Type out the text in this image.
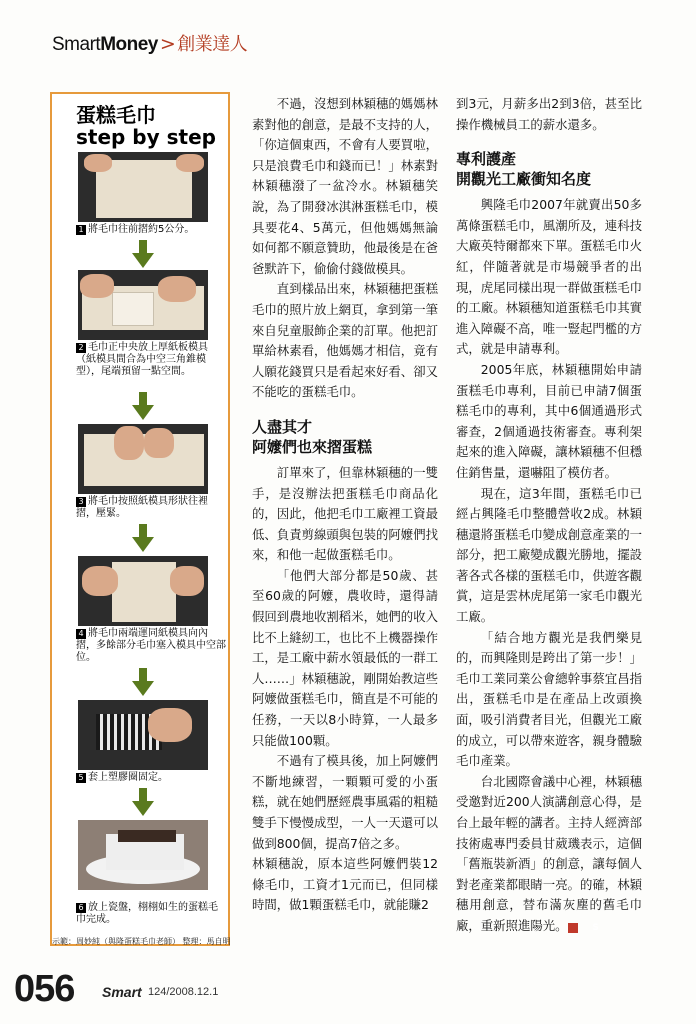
SmartMoney > 創業達人
蛋糕毛巾
step by step
1 將毛巾往前摺約5公分。
2 毛巾正中央放上厚紙板模具（紙模具間合為中空三角錐模型），尾端預留一點空間。
3 將毛巾按照紙模具形狀往裡摺，壓緊。
4 將毛巾兩端運同紙模具向內摺，多餘部分毛巾塞入模具中空部位。
5 套上塑膠圈固定。
6 放上瓷盤，栩栩如生的蛋糕毛巾完成。
示範：周妙純（與隆蛋糕毛巾老師） 整理：馬自明

不過，沒想到林穎穗的媽媽林素對他的創意，是最不支持的人，「你這個東西，不會有人要買啦，只是浪費毛巾和錢而已！」林素對林穎穗潑了一盆冷水。林穎穗笑說，為了開發冰淇淋蛋糕毛巾，模具要花4、5萬元，但他媽媽無論如何都不願意贊助，他最後是在爸爸默許下，偷偷付錢做模具。

直到樣品出來，林穎穗把蛋糕毛巾的照片放上網頁，拿到第一筆來自兒童服飾企業的訂單。他把訂單給林素看，他媽媽才相信，竟有人願花錢買只是看起來好看、卻又不能吃的蛋糕毛巾。

人盡其才
阿嬤們也來摺蛋糕

訂單來了，但靠林穎穗的一雙手，是沒辦法把蛋糕毛巾商品化的，因此，他把毛巾工廠裡工資最低、負責剪線頭與包裝的阿嬤們找來，和他一起做蛋糕毛巾。

「他們大部分都是50歲、甚至60歲的阿嬤，農收時，還得請假回到農地收割稻米，她們的收入比不上縫紉工，也比不上機器操作工，是工廠中薪水領最低的一群工人……」林穎穗說，剛開始教這些阿嬤做蛋糕毛巾，簡直是不可能的任務，一天以8小時算，一人最多只能做100顆。

不過有了模具後，加上阿嬤們不斷地練習，一顆顆可愛的小蛋糕，就在她們歷經農事風霜的粗糙雙手下慢慢成型，一人一天還可以做到800個，提高7倍之多。

林穎穗說，原本這些阿嬤們裝12條毛巾，工資才1元而已，但同樣時間，做1顆蛋糕毛巾，就能賺2

到3元，月薪多出2到3倍，甚至比操作機械員工的薪水還多。

專利護產
開觀光工廠衝知名度

興隆毛巾2007年就賣出50多萬條蛋糕毛巾，風潮所及，連科技大廠英特爾都來下單。蛋糕毛巾火紅，伴隨著就是市場競爭者的出現，虎尾同樣出現一群做蛋糕毛巾的工廠。林穎穗知道蛋糕毛巾其實進入障礙不高，唯一豎起門檻的方式，就是申請專利。

2005年底，林穎穗開始申請蛋糕毛巾專利，目前已申請7個蛋糕毛巾的專利，其中6個通過形式審查，2個通過技術審查。專利架起來的進入障礙，讓林穎穗不但穩住銷售量，還嚇阻了模仿者。

現在，這3年間，蛋糕毛巾已經占興隆毛巾整體營收2成。林穎穗還將蛋糕毛巾變成創意產業的一部分，把工廠變成觀光勝地，擺設著各式各樣的蛋糕毛巾，供遊客觀賞，這是雲林虎尾第一家毛巾觀光工廠。

「結合地方觀光是我們樂見的，而興隆則是跨出了第一步！」毛巾工業同業公會總幹事蔡宜昌指出，蛋糕毛巾是在產品上改頭換面，吸引消費者目光，但觀光工廠的成立，可以帶來遊客，親身體驗毛巾產業。

台北國際會議中心裡，林穎穗受邀對近200人演講創意心得，是台上最年輕的講者。主持人經濟部技術處專門委員甘葳璣表示，這個「舊瓶裝新酒」的創意，讓每個人對老產業都眼睛一亮。的確，林穎穗用創意，替布滿灰塵的舊毛巾廠，重新照進陽光。	S

056 Smart 124/2008.12.1
